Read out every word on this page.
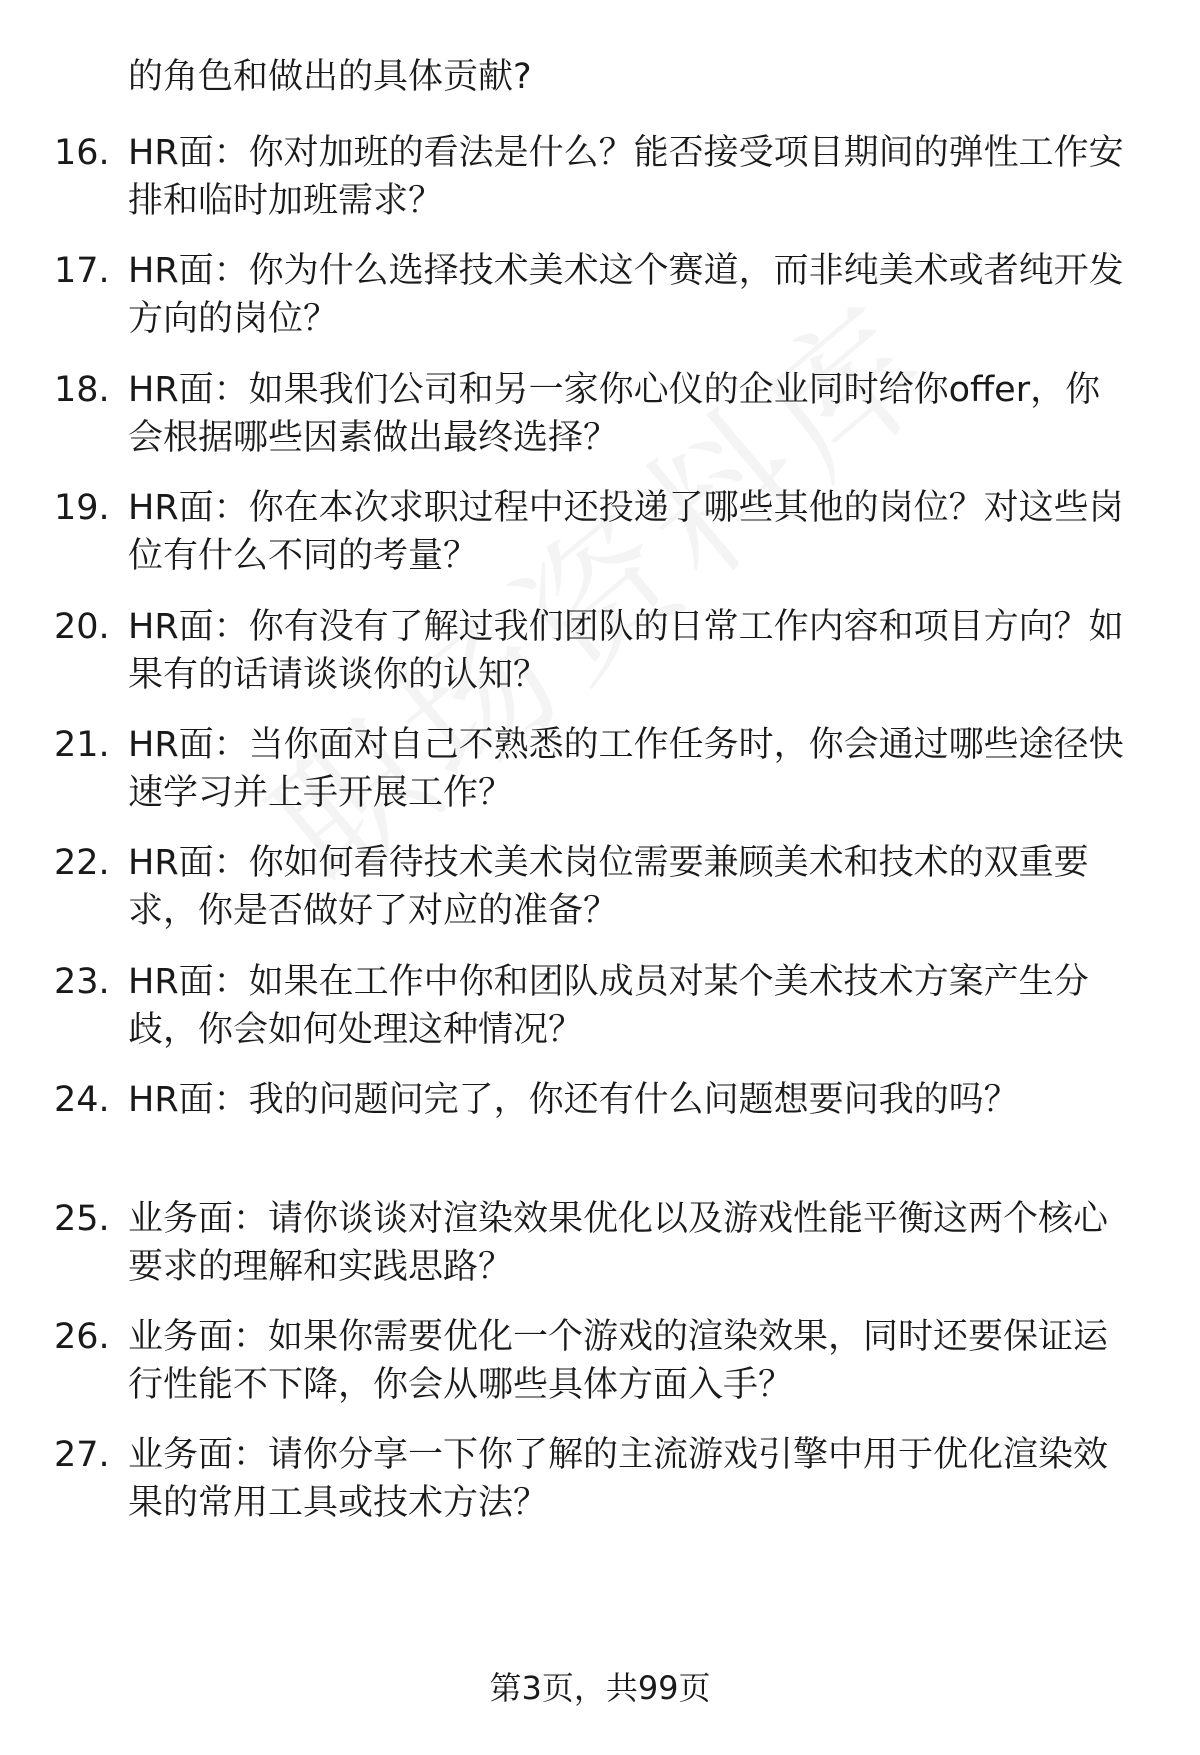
的角色和做出的具体贡献?
16. HR面：你对加班的看法是什么？能否接受项目期间的弹性工作安
排和临时加班需求？
17. HR面：你为什么选择技术美术这个赛道，而非纯美术或者纯开发
方向的岗位？
18. HR面：如果我们公司和另一家你心仪的企业同时给你offer，你
会根据哪些因素做出最终选择？
19. HR面：你在本次求职过程中还投递了哪些其他的岗位？对这些岗
位有什么不同的考量？
20. HR面：你有没有了解过我们团队的日常工作内容和项目方向？如
果有的话请谈谈你的认知？
21. HR面：当你面对自己不熟悉的工作任务时，你会通过哪些途径快
速学习并上手开展工作？
22. HR面：你如何看待技术美术岗位需要兼顾美术和技术的双重要
求，你是否做好了对应的准备？
23. HR面：如果在工作中你和团队成员对某个美术技术方案产生分
歧，你会如何处理这种情况？
24. HR面：我的问题问完了，你还有什么问题想要问我的吗？
25. 业务面：请你谈谈对渲染效果优化以及游戏性能平衡这两个核心
要求的理解和实践思路？
26. 业务面：如果你需要优化一个游戏的渲染效果，同时还要保证运
行性能不下降，你会从哪些具体方面入手？
27. 业务面：请你分享一下你了解的主流游戏引擎中用于优化渲染效
果的常用工具或技术方法？
第3页，共99页
